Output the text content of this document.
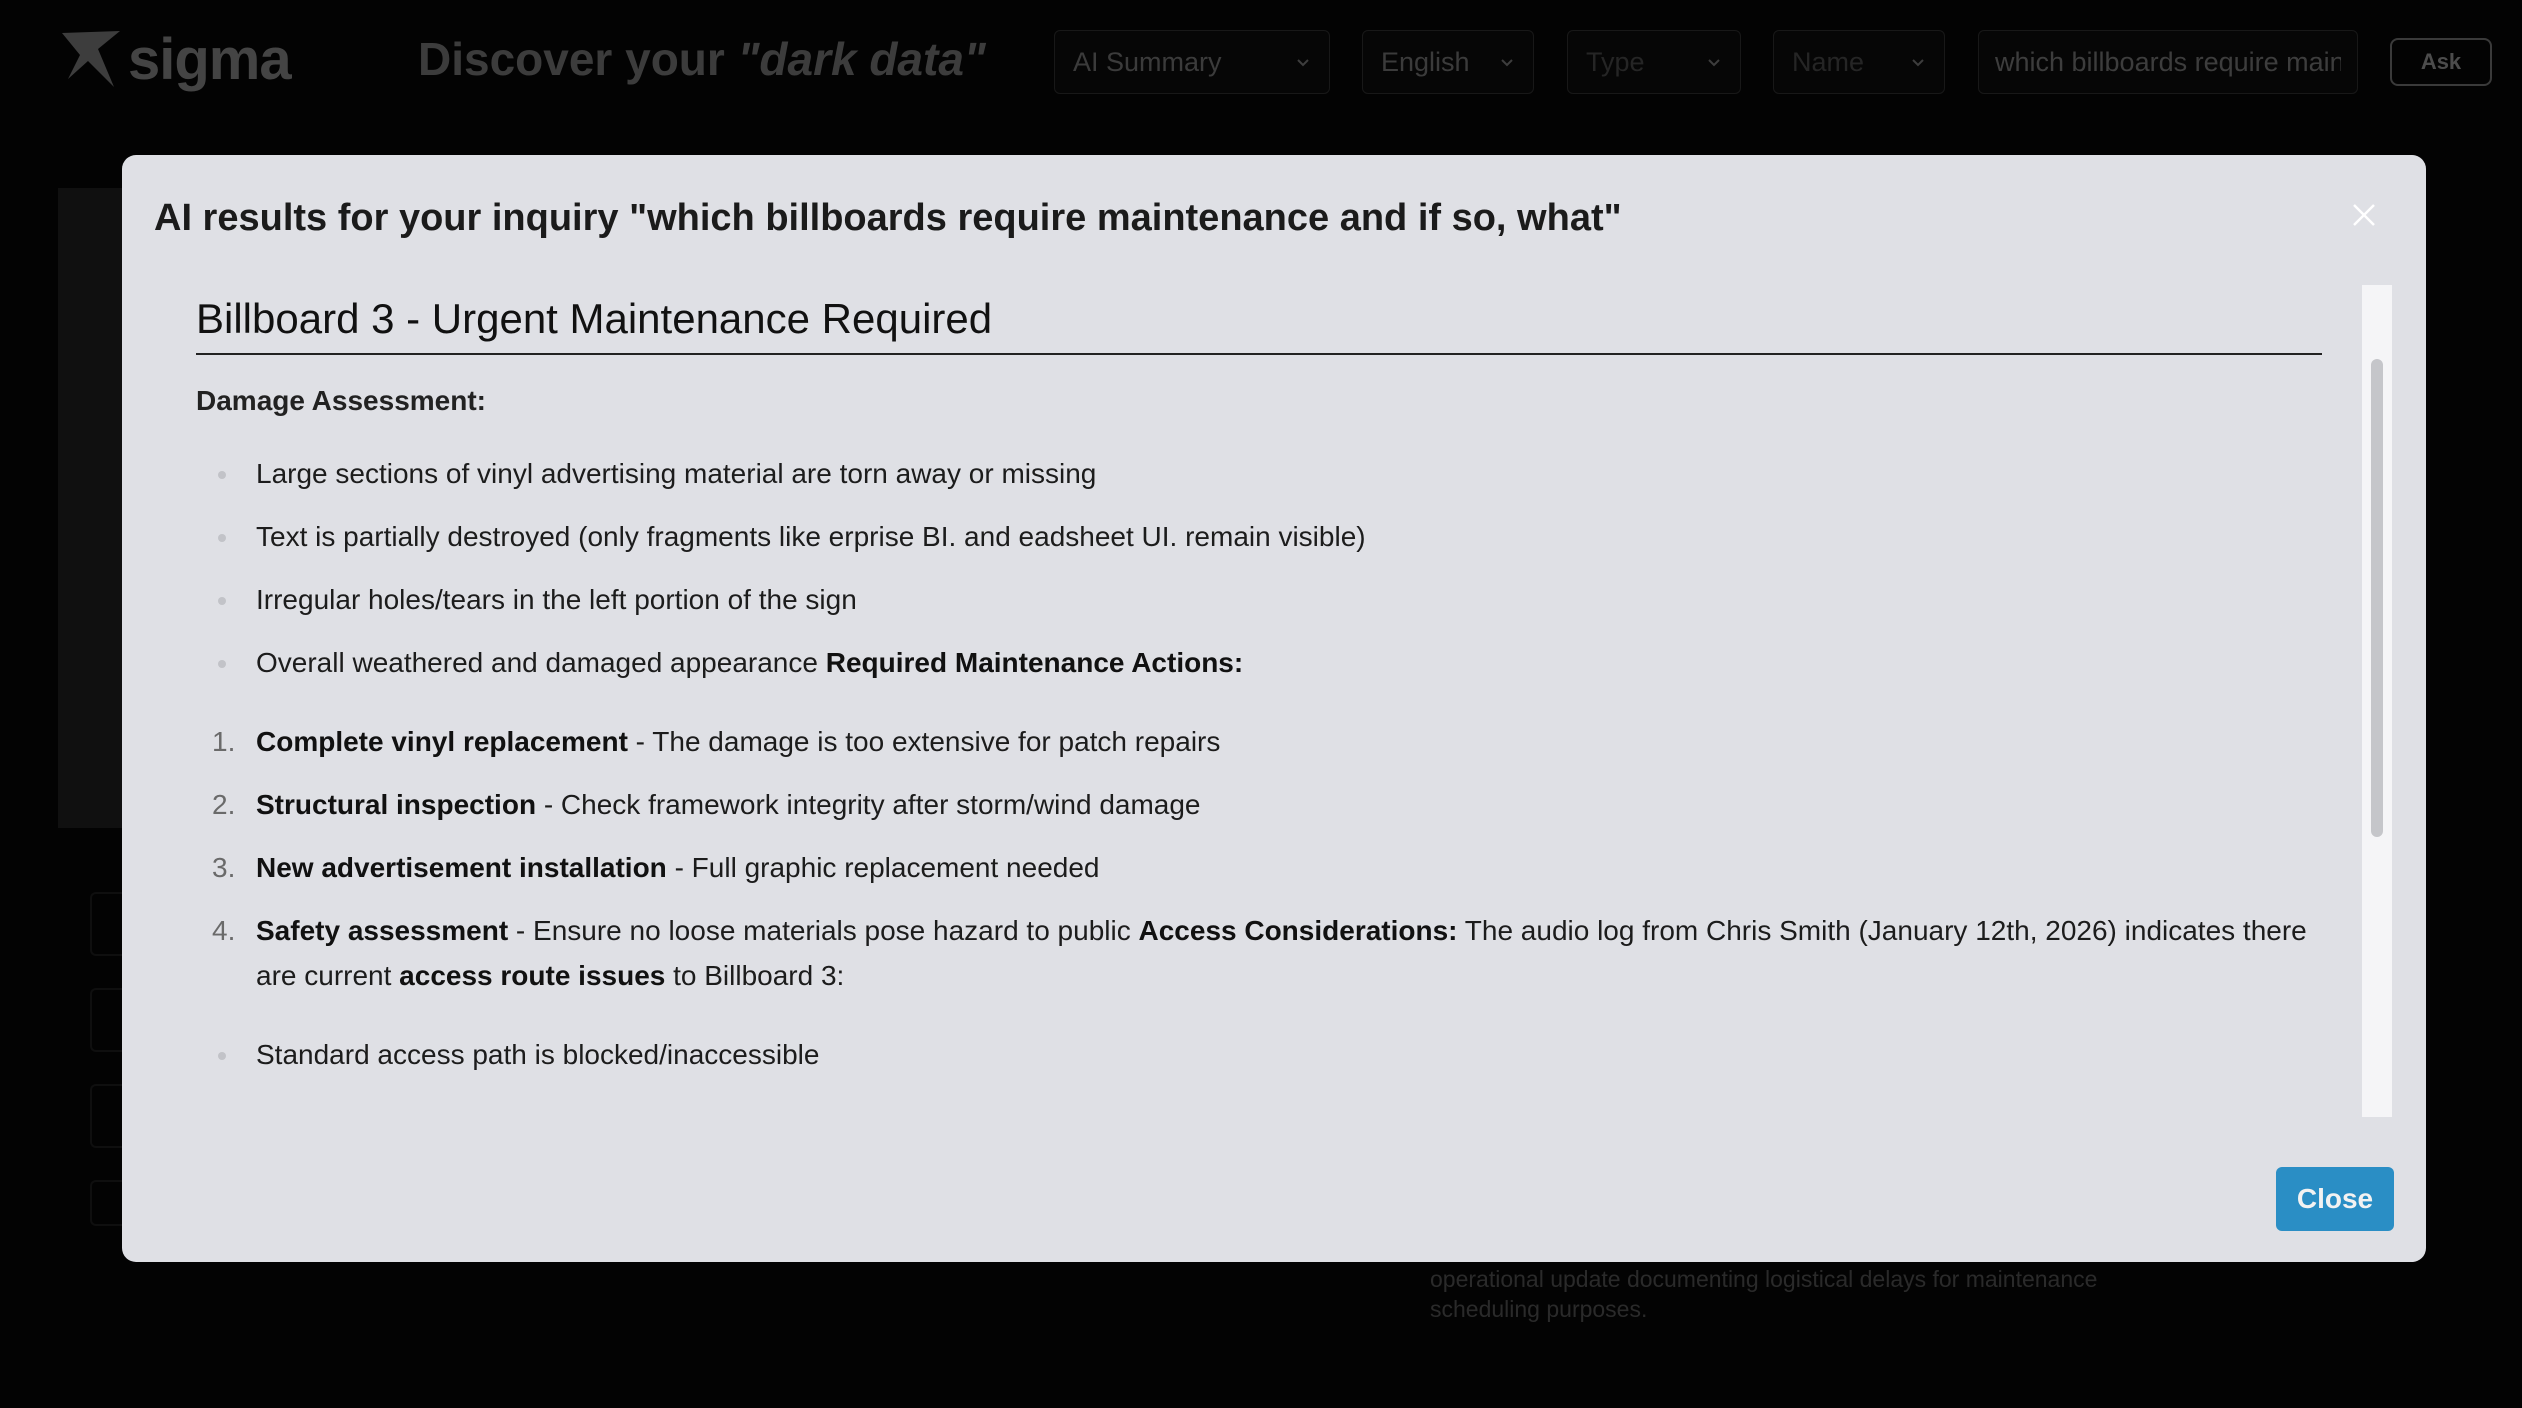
sigma	Discover your "dark data"	AI Summary	English	Type	Name
which billboards require main	Ask
operational update documenting logistical delays for maintenance scheduling purposes.
AI results for your inquiry "which billboards require maintenance and if so, what"
Billboard 3 - Urgent Maintenance Required
Damage Assessment:
Large sections of vinyl advertising material are torn away or missing
Text is partially destroyed (only fragments like erprise BI. and eadsheet UI. remain visible)
Irregular holes/tears in the left portion of the sign
Overall weathered and damaged appearance Required Maintenance Actions:
1. Complete vinyl replacement - The damage is too extensive for patch repairs
2. Structural inspection - Check framework integrity after storm/wind damage
3. New advertisement installation - Full graphic replacement needed
4. Safety assessment - Ensure no loose materials pose hazard to public Access Considerations: The audio log from Chris Smith (January 12th, 2026) indicates there are current access route issues to Billboard 3:
Standard access path is blocked/inaccessible
Close
